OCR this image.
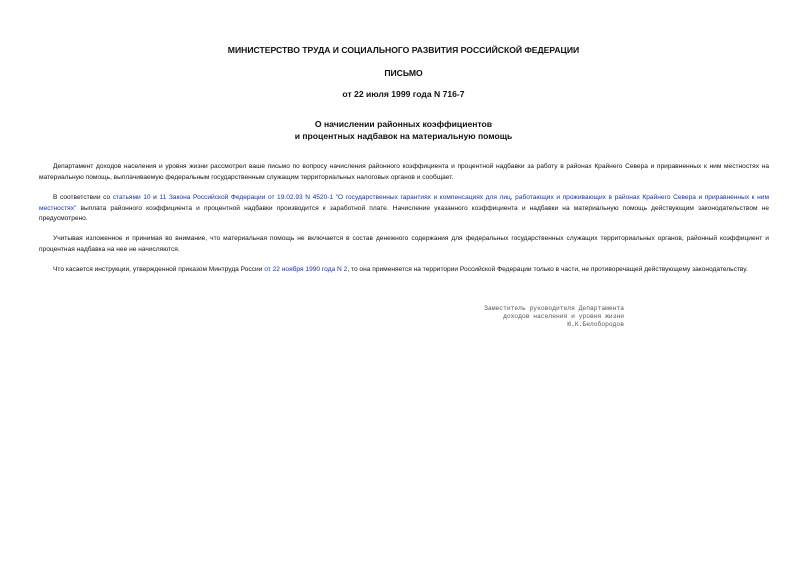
МИНИСТЕРСТВО ТРУДА И СОЦИАЛЬНОГО РАЗВИТИЯ РОССИЙСКОЙ ФЕДЕРАЦИИ
ПИСЬМО
от 22 июля 1999 года N 716-7
О начислении районных коэффициентов
и процентных надбавок на материальную помощь

Департамент доходов населения и уровня жизни рассмотрел ваше письмо по вопросу начисления районного коэффициента и процентной надбавки за работу в районах Крайнего Севера и приравненных к ним местностях на материальную помощь, выплачиваемую федеральным государственным служащим территориальных налоговых органов и сообщает.

В соответствии со статьями 10 и 11 Закона Российской Федерации от 19.02.93 N 4520-1 "О государственных гарантиях и компенсациях для лиц, работающих и проживающих в районах Крайнего Севера и приравненных к ним местностях" выплата районного коэффициента и процентной надбавки производится к заработной плате. Начисление указанного коэффициента и надбавки на материальную помощь действующим законодательством не предусмотрено.

Учитывая изложенное и принимая во внимание, что материальная помощь не включается в состав денежного содержания для федеральных государственных служащих территориальных органов, районный коэффициент и процентная надбавка на нее не начисляются.

Что касается инструкции, утвержденной приказом Минтруда России от 22 ноября 1990 года N 2, то она применяется на территории Российской Федерации только в части, не противоречащей действующему законодательству.

Заместитель руководителя Департамента
доходов населения и уровня жизни
Ю.К.Белобородов
